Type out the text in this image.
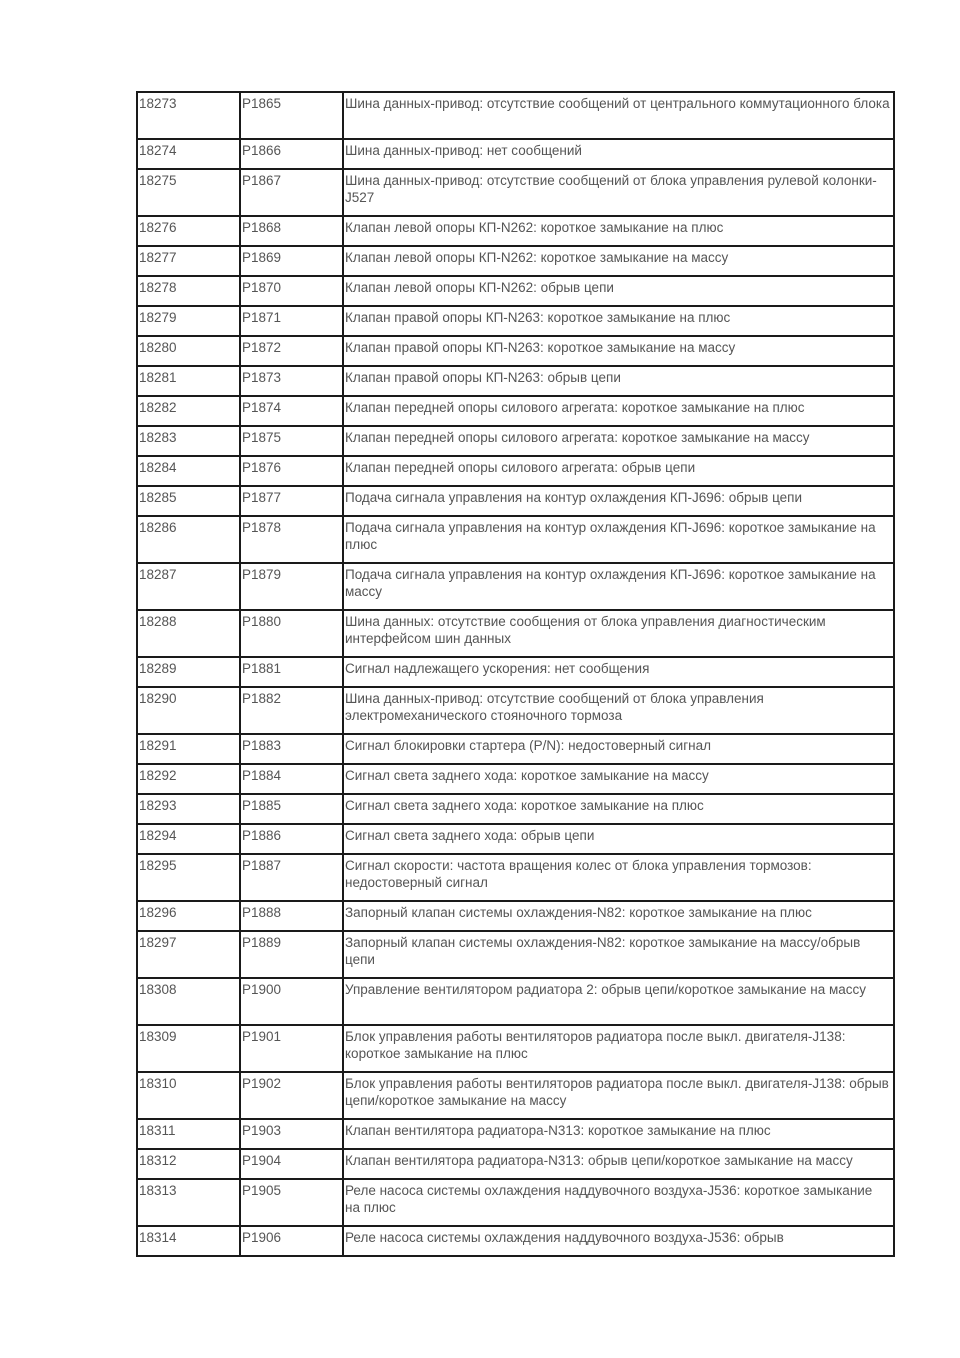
18273	P1865	Шина данных-привод: отсутствие сообщений от центрального коммутационного блока
18274	P1866	Шина данных-привод: нет сообщений
18275	P1867	Шина данных-привод: отсутствие сообщений от блока управления рулевой колонки-J527
18276	P1868	Клапан левой опоры КП-N262: короткое замыкание на плюс
18277	P1869	Клапан левой опоры КП-N262: короткое замыкание на массу
18278	P1870	Клапан левой опоры КП-N262: обрыв цепи
18279	P1871	Клапан правой опоры КП-N263: короткое замыкание на плюс
18280	P1872	Клапан правой опоры КП-N263: короткое замыкание на массу
18281	P1873	Клапан правой опоры КП-N263: обрыв цепи
18282	P1874	Клапан передней опоры силового агрегата: короткое замыкание на плюс
18283	P1875	Клапан передней опоры силового агрегата: короткое замыкание на массу
18284	P1876	Клапан передней опоры силового агрегата: обрыв цепи
18285	P1877	Подача сигнала управления на контур охлаждения КП-J696: обрыв цепи
18286	P1878	Подача сигнала управления на контур охлаждения КП-J696: короткое замыкание на плюс
18287	P1879	Подача сигнала управления на контур охлаждения КП-J696: короткое замыкание на массу
18288	P1880	Шина данных: отсутствие сообщения от блока управления диагностическим интерфейсом шин данных
18289	P1881	Сигнал надлежащего ускорения: нет сообщения
18290	P1882	Шина данных-привод: отсутствие сообщений от блока управления электромеханического стояночного тормоза
18291	P1883	Сигнал блокировки стартера (P/N): недостоверный сигнал
18292	P1884	Сигнал света заднего хода: короткое замыкание на массу
18293	P1885	Сигнал света заднего хода: короткое замыкание на плюс
18294	P1886	Сигнал света заднего хода: обрыв цепи
18295	P1887	Сигнал скорости: частота вращения колес от блока управления тормозов: недостоверный сигнал
18296	P1888	Запорный клапан системы охлаждения-N82: короткое замыкание на плюс
18297	P1889	Запорный клапан системы охлаждения-N82: короткое замыкание на массу/обрыв цепи
18308	P1900	Управление вентилятором радиатора 2: обрыв цепи/короткое замыкание на массу
18309	P1901	Блок управления работы вентиляторов радиатора после выкл. двигателя-J138: короткое замыкание на плюс
18310	P1902	Блок управления работы вентиляторов радиатора после выкл. двигателя-J138: обрыв цепи/короткое замыкание на массу
18311	P1903	Клапан вентилятора радиатора-N313: короткое замыкание на плюс
18312	P1904	Клапан вентилятора радиатора-N313: обрыв цепи/короткое замыкание на массу
18313	P1905	Реле насоса системы охлаждения наддувочного воздуха-J536: короткое замыкание на плюс
18314	P1906	Реле насоса системы охлаждения наддувочного воздуха-J536: обрыв
